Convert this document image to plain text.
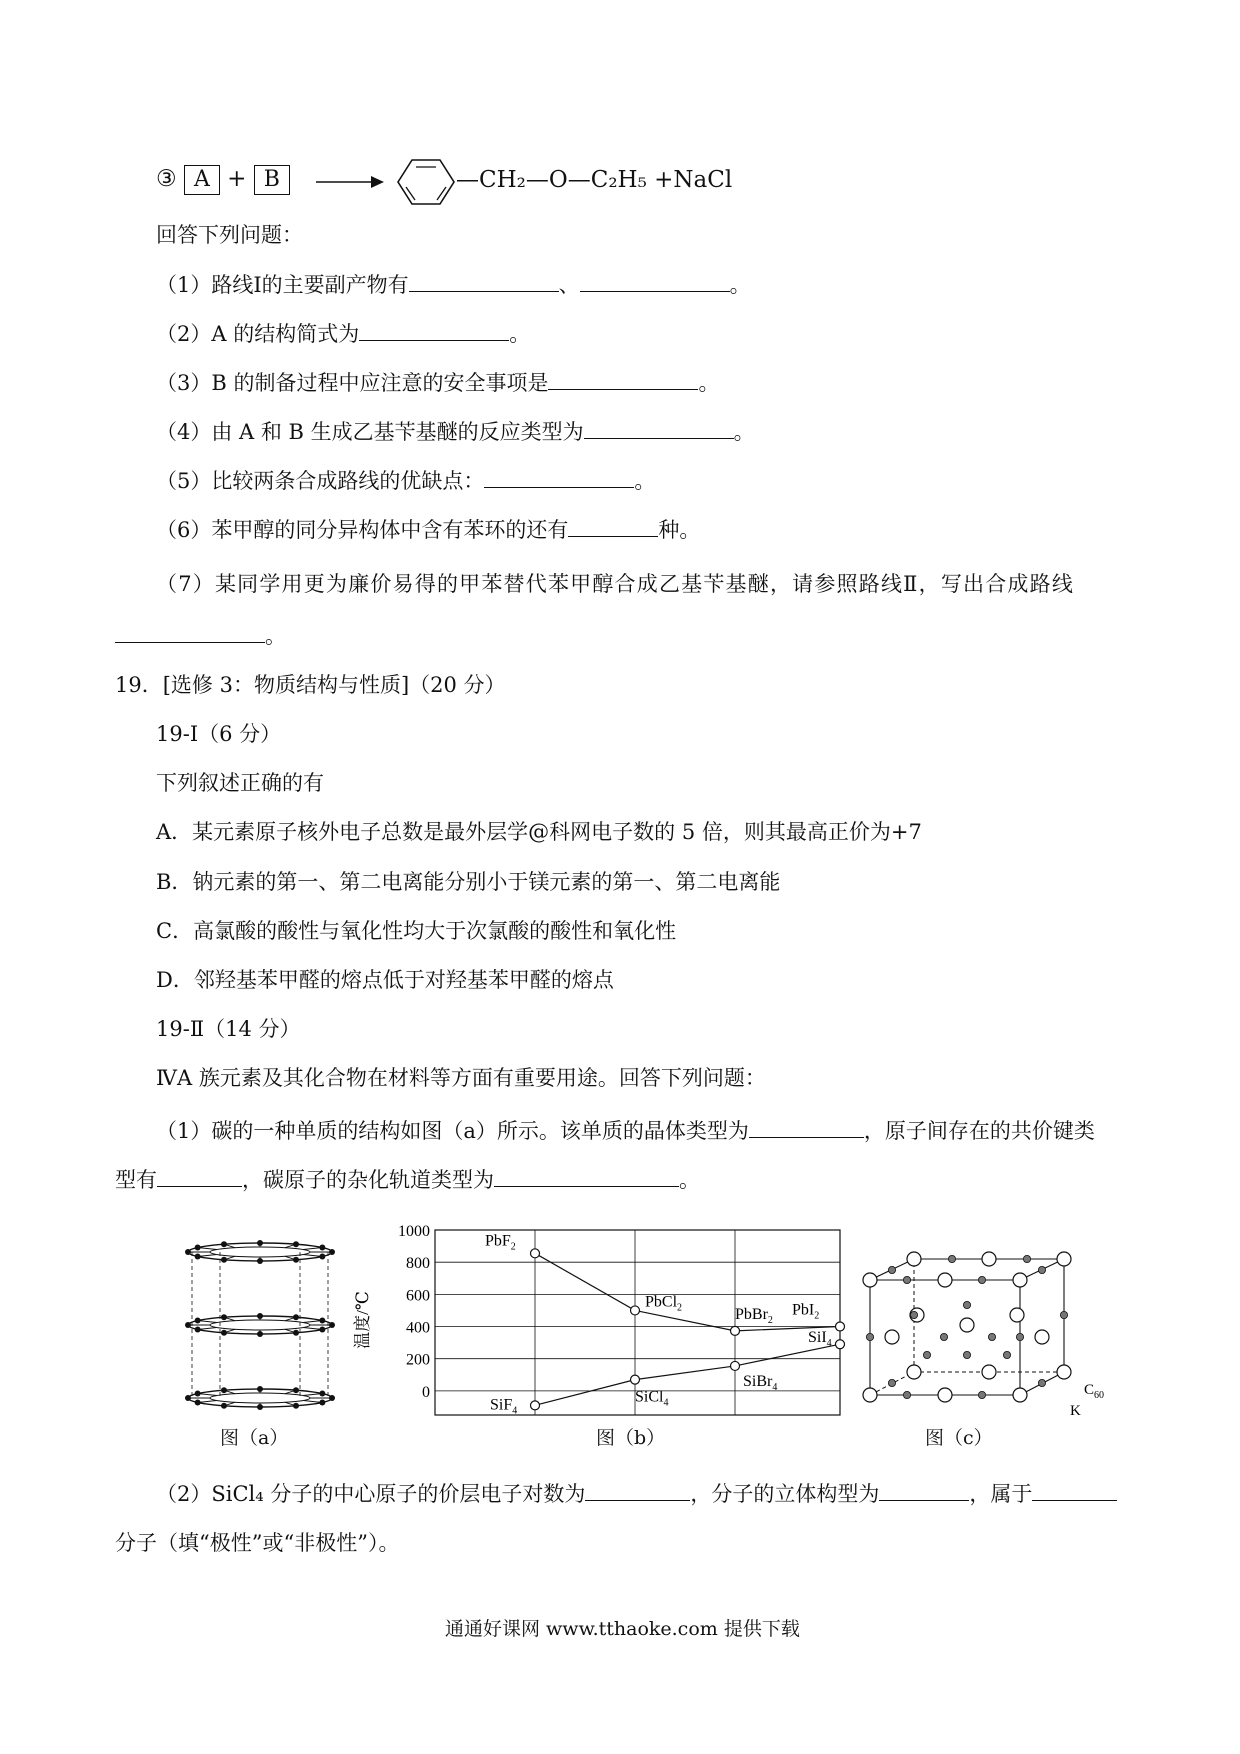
③ A + B	—CH₂—O—C₂H₅ +NaCl
回答下列问题：
（1）路线Ⅰ的主要副产物有	、	。
（2）A 的结构简式为	。
（3）B 的制备过程中应注意的安全事项是	。
（4）由 A 和 B 生成乙基苄基醚的反应类型为	。
（5）比较两条合成路线的优缺点：	。
（6）苯甲醇的同分异构体中含有苯环的还有	种。
（7）某同学用更为廉价易得的甲苯替代苯甲醇合成乙基苄基醚，请参照路线Ⅱ，写出合成路线
。
19．[选修 3：物质结构与性质]（20 分）
19-Ⅰ（6 分）
下列叙述正确的有
A．某元素原子核外电子总数是最外层学@科网电子数的 5 倍，则其最高正价为+7
B．钠元素的第一、第二电离能分别小于镁元素的第一、第二电离能
C．高氯酸的酸性与氧化性均大于次氯酸的酸性和氧化性
D．邻羟基苯甲醛的熔点低于对羟基苯甲醛的熔点
19-Ⅱ（14 分）
ⅣA 族元素及其化合物在材料等方面有重要用途。回答下列问题：
（1）碳的一种单质的结构如图（a）所示。该单质的晶体类型为	，原子间存在的共价键类
型有	，碳原子的杂化轨道类型为	。
图（a）
温度/℃
0
200
400
600
800
1000
PbF$_2$
PbCl$_2$	PbBr$_2$
PbI$_2$
SiF$_4$
SiCl$_4$
SiBr$_4$
SiI$_4$
图（b）
K
$C_{60}$
图（c）
（2）SiCl₄ 分子的中心原子的价层电子对数为	，分子的立体构型为	，属于
分子（填“极性”或“非极性”）。
通通好课网 www.tthaoke.com 提供下载
